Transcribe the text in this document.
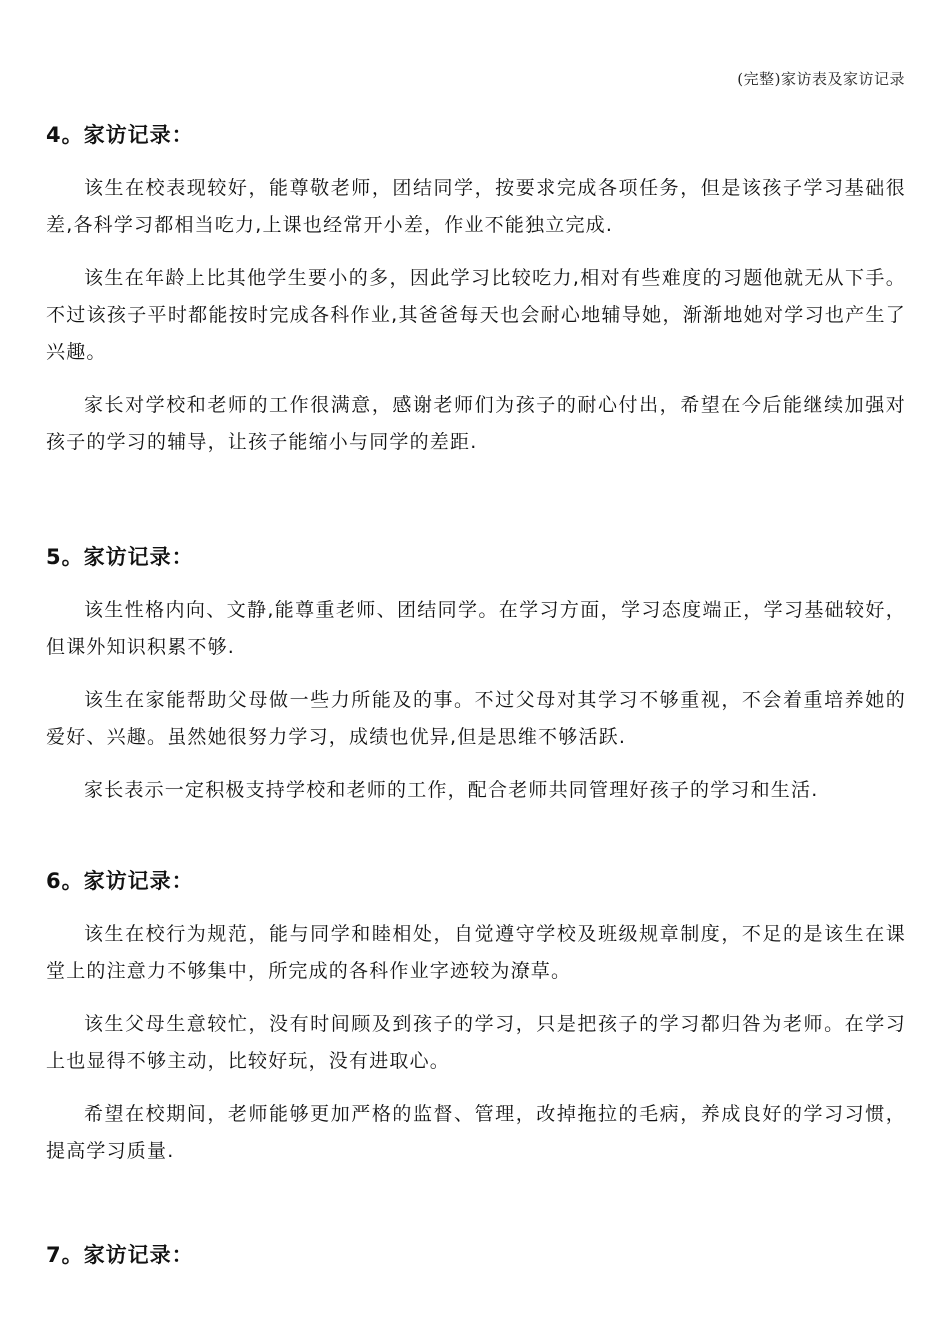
(完整)家访表及家访记录
4。家访记录：

该生在校表现较好，能尊敬老师，团结同学，按要求完成各项任务，但是该孩子学习基础很差,各科学习都相当吃力,上课也经常开小差，作业不能独立完成.

该生在年龄上比其他学生要小的多，因此学习比较吃力,相对有些难度的习题他就无从下手。不过该孩子平时都能按时完成各科作业,其爸爸每天也会耐心地辅导她，渐渐地她对学习也产生了兴趣。

家长对学校和老师的工作很满意，感谢老师们为孩子的耐心付出，希望在今后能继续加强对孩子的学习的辅导，让孩子能缩小与同学的差距.

5。家访记录：

该生性格内向、文静,能尊重老师、团结同学。在学习方面，学习态度端正，学习基础较好，但课外知识积累不够.

该生在家能帮助父母做一些力所能及的事。不过父母对其学习不够重视，不会着重培养她的爱好、兴趣。虽然她很努力学习，成绩也优异,但是思维不够活跃.

家长表示一定积极支持学校和老师的工作，配合老师共同管理好孩子的学习和生活.

6。家访记录：

该生在校行为规范，能与同学和睦相处，自觉遵守学校及班级规章制度，不足的是该生在课堂上的注意力不够集中，所完成的各科作业字迹较为潦草。

该生父母生意较忙，没有时间顾及到孩子的学习，只是把孩子的学习都归咎为老师。在学习上也显得不够主动，比较好玩，没有进取心。

希望在校期间，老师能够更加严格的监督、管理，改掉拖拉的毛病，养成良好的学习习惯，提高学习质量.

7。家访记录：
